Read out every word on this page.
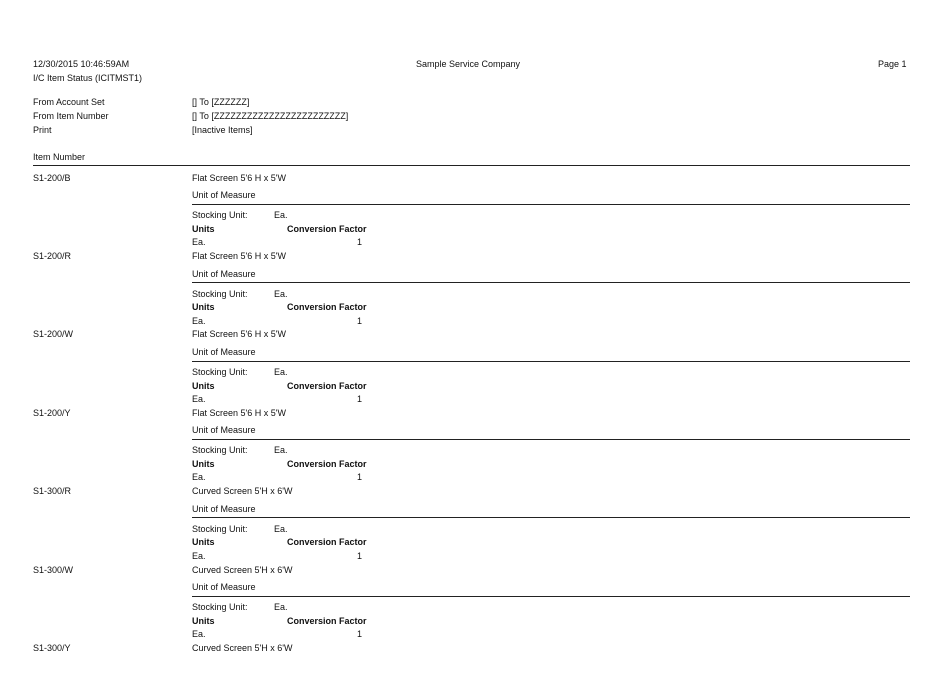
12/30/2015 10:46:59AM
I/C Item Status (ICITMST1)
Sample Service Company	Page 1
From Account Set	[] To [ZZZZZZ]
From Item Number	[] To [ZZZZZZZZZZZZZZZZZZZZZZZZ]
Print	[Inactive Items]
Item Number
S1-200/B	Flat Screen 5'6 H x 5'W
Unit of Measure
Stocking Unit:	Ea.
Units	Conversion Factor
Ea.	1
S1-200/R	Flat Screen 5'6 H x 5'W
Unit of Measure
Stocking Unit:	Ea.
Units	Conversion Factor
Ea.	1
S1-200/W	Flat Screen 5'6 H x 5'W
Unit of Measure
Stocking Unit:	Ea.
Units	Conversion Factor
Ea.	1
S1-200/Y	Flat Screen 5'6 H x 5'W
Unit of Measure
Stocking Unit:	Ea.
Units	Conversion Factor
Ea.	1
S1-300/R	Curved Screen 5'H x 6'W
Unit of Measure
Stocking Unit:	Ea.
Units	Conversion Factor
Ea.	1
S1-300/W	Curved Screen 5'H x 6'W
Unit of Measure
Stocking Unit:	Ea.
Units	Conversion Factor
Ea.	1
S1-300/Y	Curved Screen 5'H x 6'W
